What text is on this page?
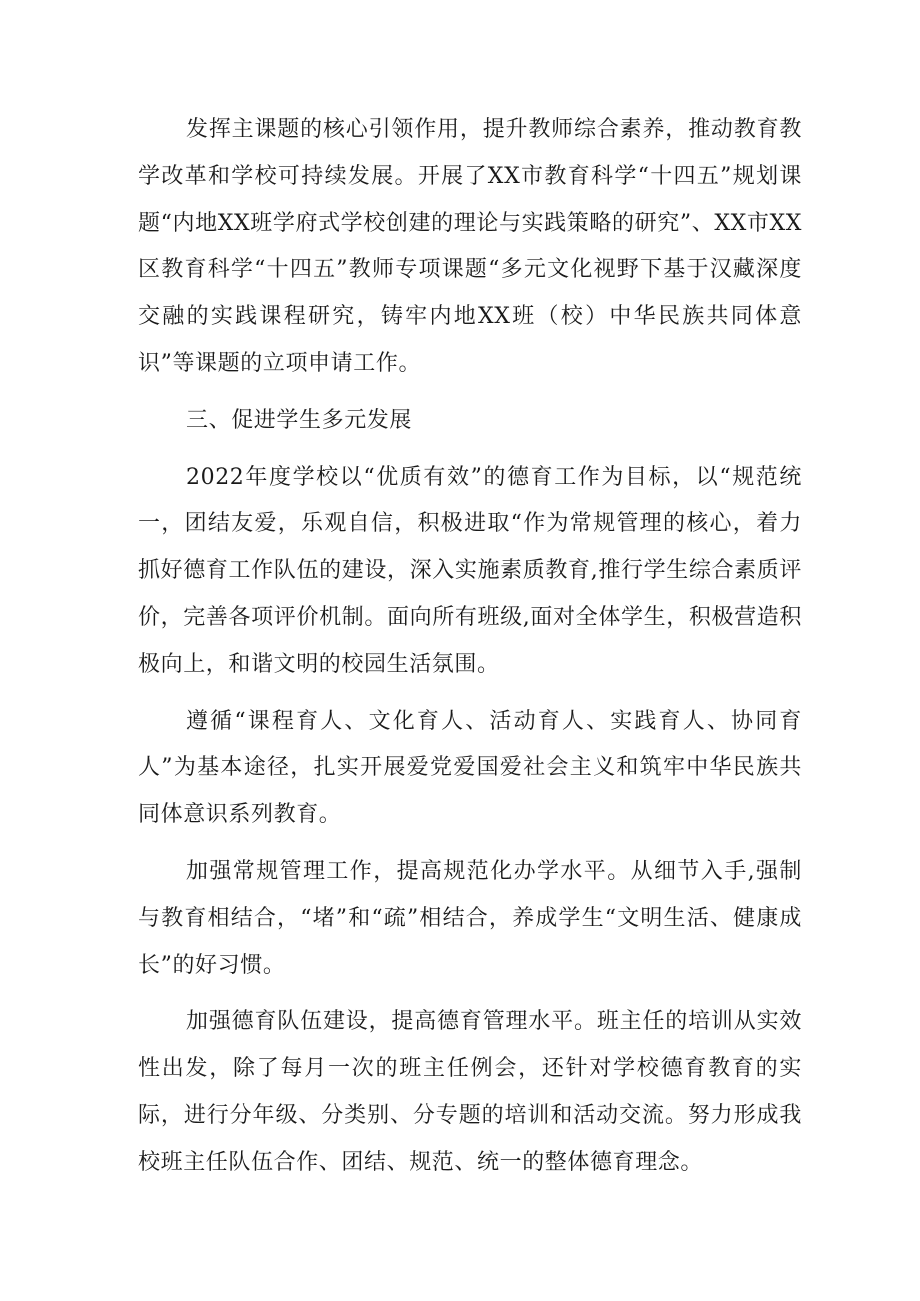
发挥主课题的核心引领作用，提升教师综合素养，推动教育教学改革和学校可持续发展。开展了XX市教育科学“十四五”规划课题“内地XX班学府式学校创建的理论与实践策略的研究”、XX市XX区教育科学“十四五”教师专项课题“多元文化视野下基于汉藏深度交融的实践课程研究，铸牢内地XX班（校）中华民族共同体意识”等课题的立项申请工作。

三、促进学生多元发展

2022年度学校以“优质有效”的德育工作为目标，以“规范统一，团结友爱，乐观自信，积极进取“作为常规管理的核心，着力抓好德育工作队伍的建设，深入实施素质教育,推行学生综合素质评价，完善各项评价机制。面向所有班级,面对全体学生，积极营造积极向上，和谐文明的校园生活氛围。

遵循“课程育人、文化育人、活动育人、实践育人、协同育人”为基本途径，扎实开展爱党爱国爱社会主义和筑牢中华民族共同体意识系列教育。

加强常规管理工作，提高规范化办学水平。从细节入手,强制与教育相结合，“堵”和“疏”相结合，养成学生“文明生活、健康成长”的好习惯。

加强德育队伍建设，提高德育管理水平。班主任的培训从实效性出发，除了每月一次的班主任例会，还针对学校德育教育的实际，进行分年级、分类别、分专题的培训和活动交流。努力形成我校班主任队伍合作、团结、规范、统一的整体德育理念。
